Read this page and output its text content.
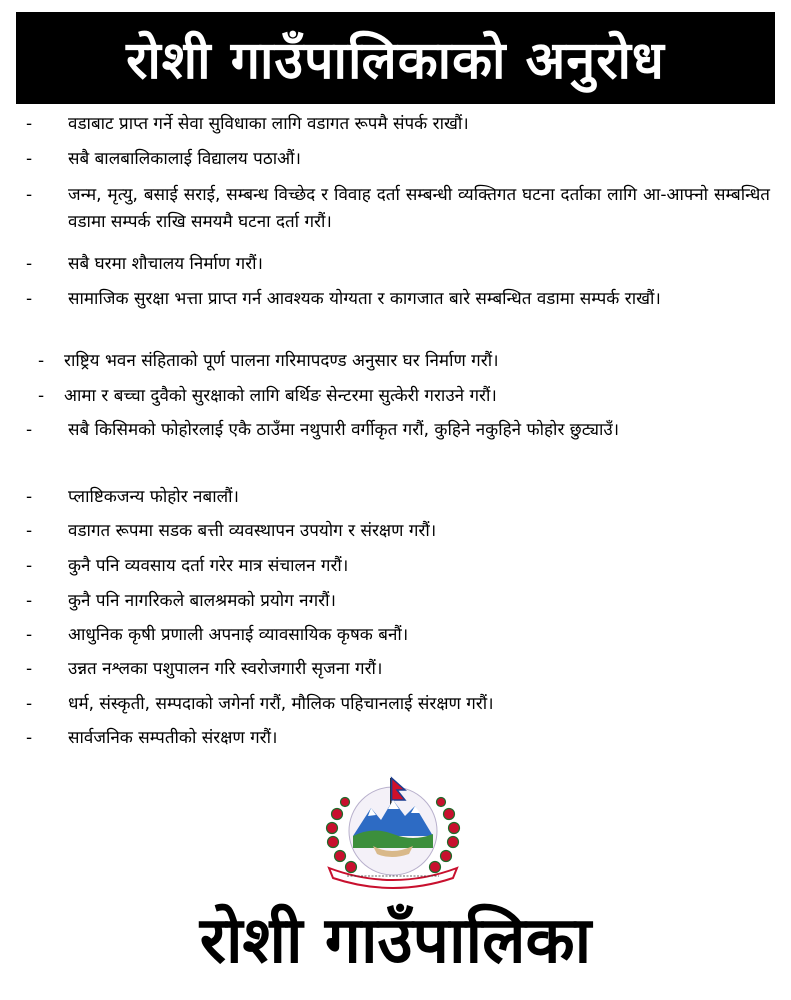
रोशी गाउँपालिकाको अनुरोध
- वडाबाट प्राप्त गर्ने सेवा सुविधाका लागि वडागत रूपमै संपर्क राखौं।
- सबै बालबालिकालाई विद्यालय पठाऔं।
- जन्म, मृत्यु, बसाई सराई, सम्बन्ध विच्छेद र विवाह दर्ता सम्बन्धी व्यक्तिगत घटना दर्ताका लागि आ-आफ्नो सम्बन्धित वडामा सम्पर्क राखि समयमै घटना दर्ता गरौं।
- सबै घरमा शौचालय निर्माण गरौं।
- सामाजिक सुरक्षा भत्ता प्राप्त गर्न आवश्यक योग्यता र कागजात बारे सम्बन्धित वडामा सम्पर्क राखौं।
- राष्ट्रिय भवन संहिताको पूर्ण पालना गरिमापदण्ड अनुसार घर निर्माण गरौं।
- आमा र बच्चा दुवैको सुरक्षाको लागि बर्थिङ सेन्टरमा सुत्केरी गराउने गरौं।
- सबै किसिमको फोहोरलाई एकै ठाउँमा नथुपारी वर्गीकृत गरौं, कुहिने नकुहिने फोहोर छुट्याउँ।
- प्लाष्टिकजन्य फोहोर नबालौं।
- वडागत रूपमा सडक बत्ती व्यवस्थापन उपयोग र संरक्षण गरौं।
- कुनै पनि व्यवसाय दर्ता गरेर मात्र संचालन गरौं।
- कुनै पनि नागरिकले बालश्रमको प्रयोग नगरौं।
- आधुनिक कृषी प्रणाली अपनाई व्यावसायिक कृषक बनौं।
- उन्नत नश्लका पशुपालन गरि स्वरोजगारी सृजना गरौं।
- धर्म, संस्कृती, सम्पदाको जगेर्ना गरौं, मौलिक पहिचानलाई संरक्षण गरौं।
- सार्वजनिक सम्पतीको संरक्षण गरौं।
रोशी गाउँपालिका
